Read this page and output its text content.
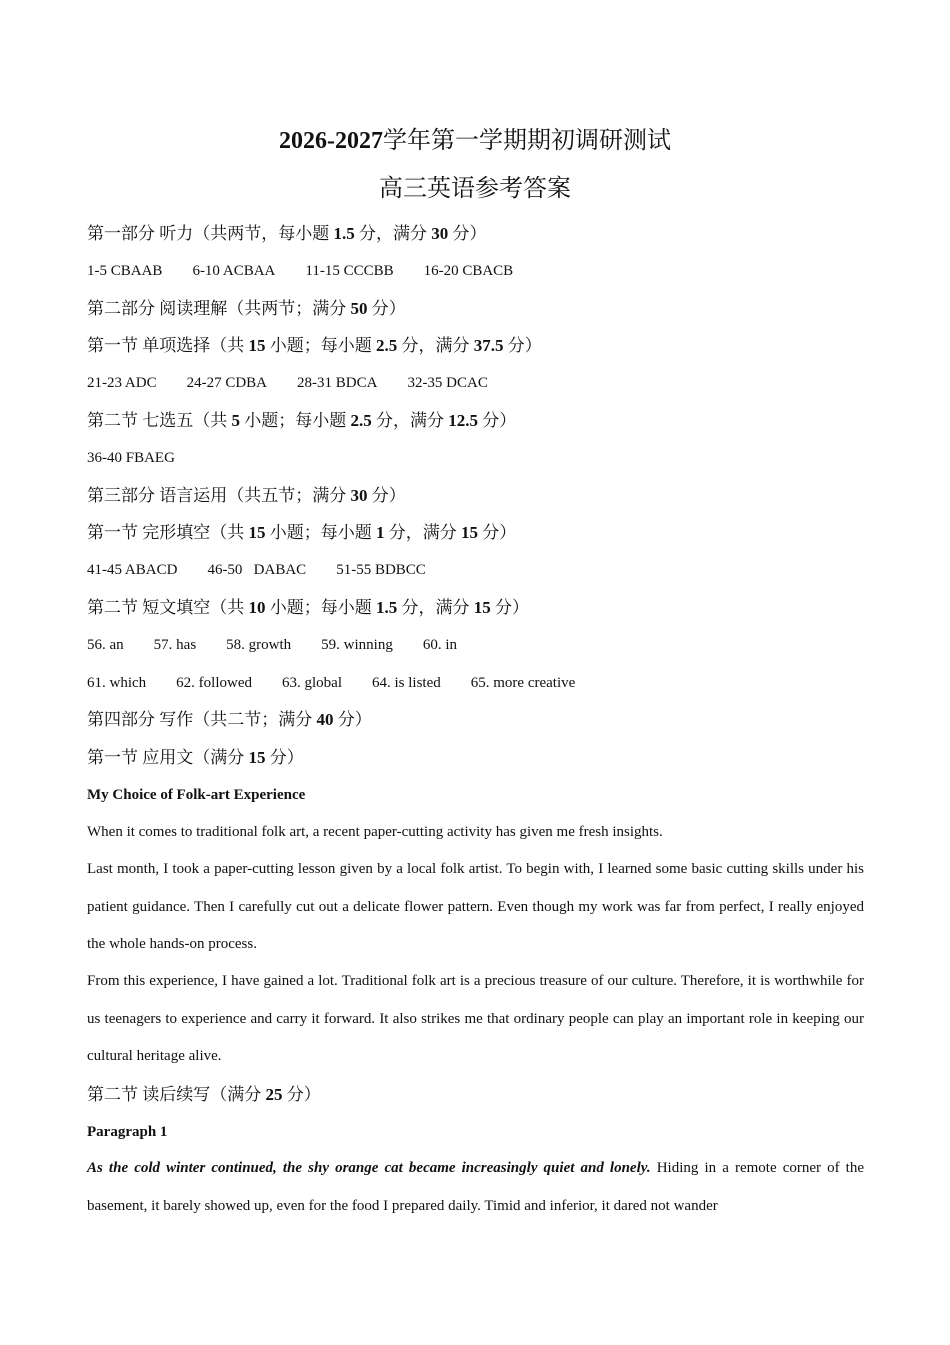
2026-2027学年第一学期期初调研测试
高三英语参考答案
第一部分 听力（共两节，每小题 1.5 分，满分 30 分）
1-5 CBAAB 6-10 ACBAA 11-15 CCCBB 16-20 CBACB
第二部分 阅读理解（共两节；满分 50 分）
第一节 单项选择（共 15 小题；每小题 2.5 分，满分 37.5 分）
21-23 ADC 24-27 CDBA 28-31 BDCA 32-35 DCAC
第二节 七选五（共 5 小题；每小题 2.5 分，满分 12.5 分）
36-40 FBAEG
第三部分 语言运用（共五节；满分 30 分）
第一节 完形填空（共 15 小题；每小题 1 分，满分 15 分）
41-45 ABACD 46-50   DABAC 51-55 BDBCC
第二节 短文填空（共 10 小题；每小题 1.5 分，满分 15 分）
56. an 57. has 58. growth 59. winning 60. in
61. which 62. followed 63. global 64. is listed 65. more creative
第四部分 写作（共二节；满分 40 分）
第一节 应用文（满分 15 分）
My Choice of Folk-art Experience
When it comes to traditional folk art, a recent paper-cutting activity has given me fresh insights.
Last month, I took a paper-cutting lesson given by a local folk artist. To begin with, I learned some basic cutting skills under his patient guidance. Then I carefully cut out a delicate flower pattern. Even though my work was far from perfect, I really enjoyed the whole hands-on process.
From this experience, I have gained a lot. Traditional folk art is a precious treasure of our culture. Therefore, it is worthwhile for us teenagers to experience and carry it forward. It also strikes me that ordinary people can play an important role in keeping our cultural heritage alive.
第二节 读后续写（满分 25 分）
Paragraph 1
As the cold winter continued, the shy orange cat became increasingly quiet and lonely. Hiding in a remote corner of the basement, it barely showed up, even for the food I prepared daily. Timid and inferior, it dared not wander
